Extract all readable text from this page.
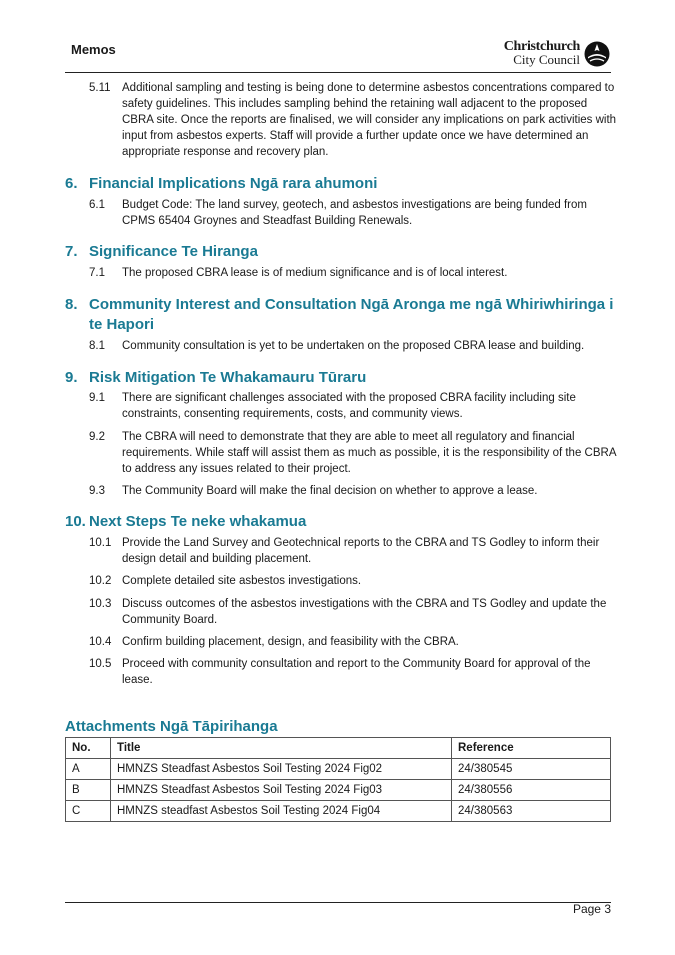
Memos	Christchurch
City Council
5.11 Additional sampling and testing is being done to determine asbestos concentrations compared to safety guidelines. This includes sampling behind the retaining wall adjacent to the proposed CBRA site. Once the reports are finalised, we will consider any implications on park activities with input from asbestos experts. Staff will provide a further update once we have determined an appropriate response and recovery plan.
6. Financial Implications Ngā rara ahumoni
6.1 Budget Code: The land survey, geotech, and asbestos investigations are being funded from CPMS 65404 Groynes and Steadfast Building Renewals.
7. Significance Te Hiranga
7.1 The proposed CBRA lease is of medium significance and is of local interest.
8. Community Interest and Consultation Ngā Aronga me ngā Whiriwhiringa i te Hapori
8.1 Community consultation is yet to be undertaken on the proposed CBRA lease and building.
9. Risk Mitigation Te Whakamauru Tūraru
9.1 There are significant challenges associated with the proposed CBRA facility including site constraints, consenting requirements, costs, and community views.
9.2 The CBRA will need to demonstrate that they are able to meet all regulatory and financial requirements. While staff will assist them as much as possible, it is the responsibility of the CBRA to address any issues related to their project.
9.3 The Community Board will make the final decision on whether to approve a lease.
10. Next Steps Te neke whakamua
10.1 Provide the Land Survey and Geotechnical reports to the CBRA and TS Godley to inform their design detail and building placement.
10.2 Complete detailed site asbestos investigations.
10.3 Discuss outcomes of the asbestos investigations with the CBRA and TS Godley and update the Community Board.
10.4 Confirm building placement, design, and feasibility with the CBRA.
10.5 Proceed with community consultation and report to the Community Board for approval of the lease.
Attachments Ngā Tāpirihanga
No.	Title	Reference
A	HMNZS Steadfast Asbestos Soil Testing 2024 Fig02	24/380545
B	HMNZS Steadfast Asbestos Soil Testing 2024 Fig03	24/380556
C	HMNZS steadfast Asbestos Soil Testing 2024 Fig04	24/380563
Page 3
